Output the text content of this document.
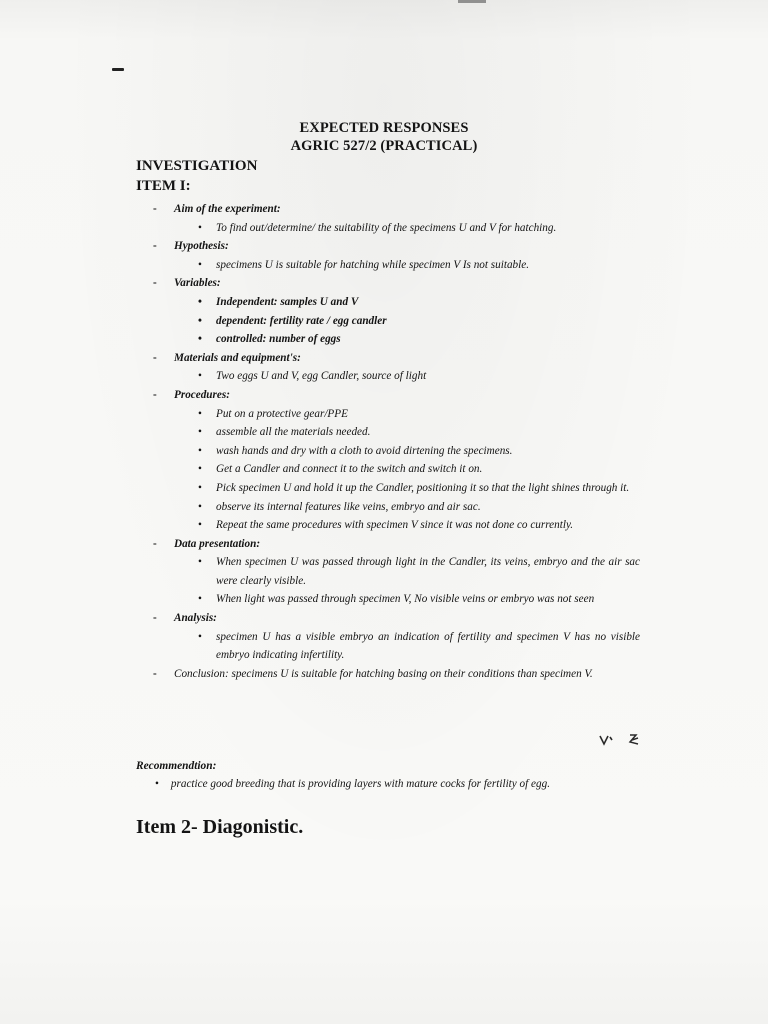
EXPECTED RESPONSES
AGRIC 527/2 (PRACTICAL)
INVESTIGATION
ITEM I:
- Aim of the experiment:
• To find out/determine/ the suitability of the specimens U and V for hatching.
- Hypothesis:
• specimens U is suitable for hatching while specimen V Is not suitable.
- Variables:
• Independent: samples U and V
• dependent: fertility rate / egg candler
• controlled: number of eggs
- Materials and equipment's:
• Two eggs U and V, egg Candler, source of light
- Procedures:
• Put on a protective gear/PPE
• assemble all the materials needed.
• wash hands and dry with a cloth to avoid dirtening the specimens.
• Get a Candler and connect it to the switch and switch it on.
• Pick specimen U and hold it up the Candler, positioning it so that the light shines through it.
• observe its internal features like veins, embryo and air sac.
• Repeat the same procedures with specimen V since it was not done co currently.
- Data presentation:
• When specimen U was passed through light in the Candler, its veins, embryo and the air sac were clearly visible.
• When light was passed through specimen V, No visible veins or embryo was not seen
- Analysis:
• specimen U has a visible embryo an indication of fertility and specimen V has no visible embryo indicating infertility.
- Conclusion: specimens U is suitable for hatching basing on their conditions than specimen V.
Recommendtion:
• practice good breeding that is providing layers with mature cocks for fertility of egg.
Item 2- Diagonistic.
